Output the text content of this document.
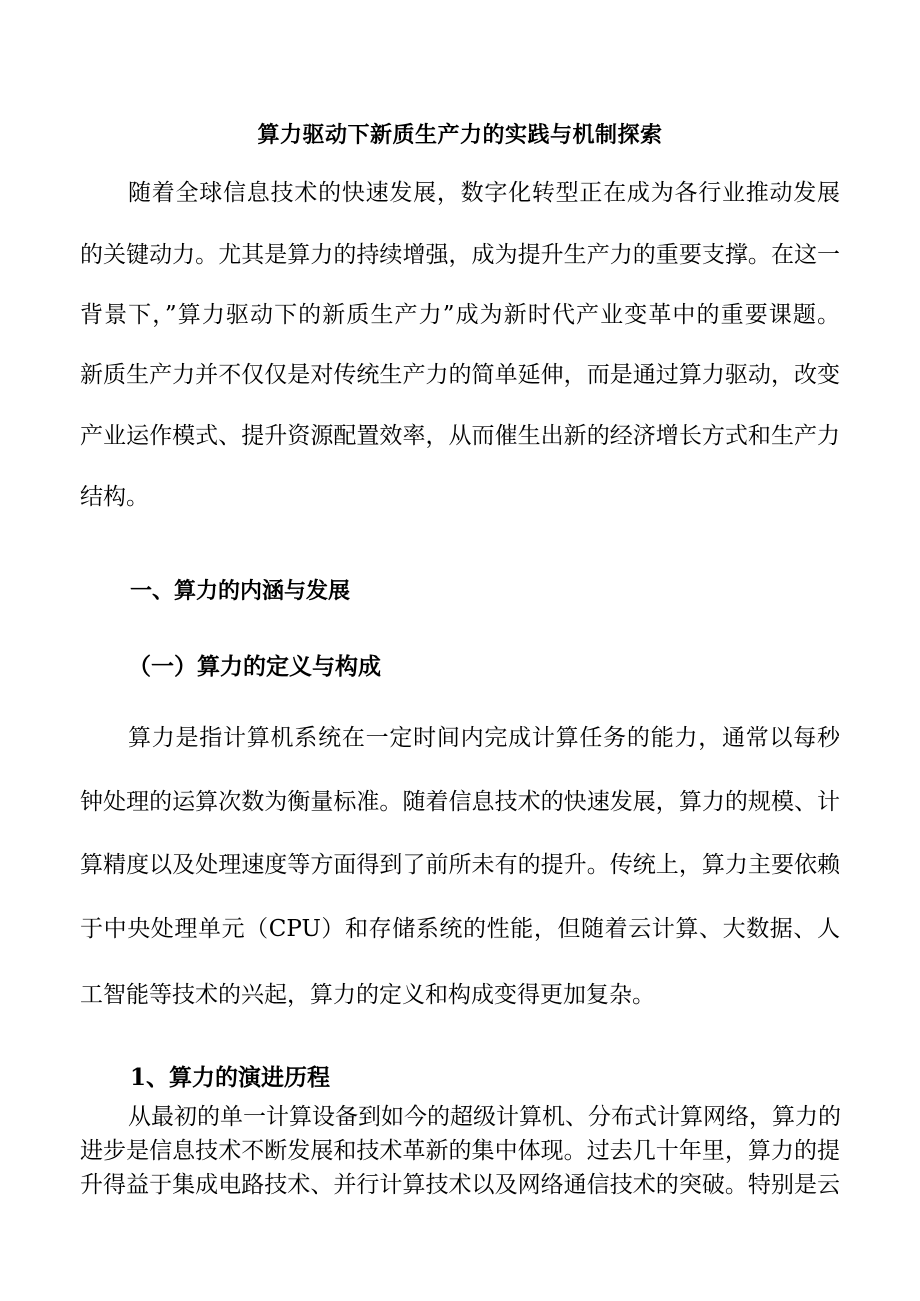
算力驱动下新质生产力的实践与机制探索

随着全球信息技术的快速发展，数字化转型正在成为各行业推动发展

的关键动力。尤其是算力的持续增强，成为提升生产力的重要支撑。在这一

背景下，”算力驱动下的新质生产力”成为新时代产业变革中的重要课题。

新质生产力并不仅仅是对传统生产力的简单延伸，而是通过算力驱动，改变

产业运作模式、提升资源配置效率，从而催生出新的经济增长方式和生产力

结构。

一、算力的内涵与发展
（一）算力的定义与构成

算力是指计算机系统在一定时间内完成计算任务的能力，通常以每秒

钟处理的运算次数为衡量标准。随着信息技术的快速发展，算力的规模、计

算精度以及处理速度等方面得到了前所未有的提升。传统上，算力主要依赖

于中央处理单元（CPU）和存储系统的性能，但随着云计算、大数据、人

工智能等技术的兴起，算力的定义和构成变得更加复杂。

1、算力的演进历程

从最初的单一计算设备到如今的超级计算机、分布式计算网络，算力的

进步是信息技术不断发展和技术革新的集中体现。过去几十年里，算力的提

升得益于集成电路技术、并行计算技术以及网络通信技术的突破。特别是云
